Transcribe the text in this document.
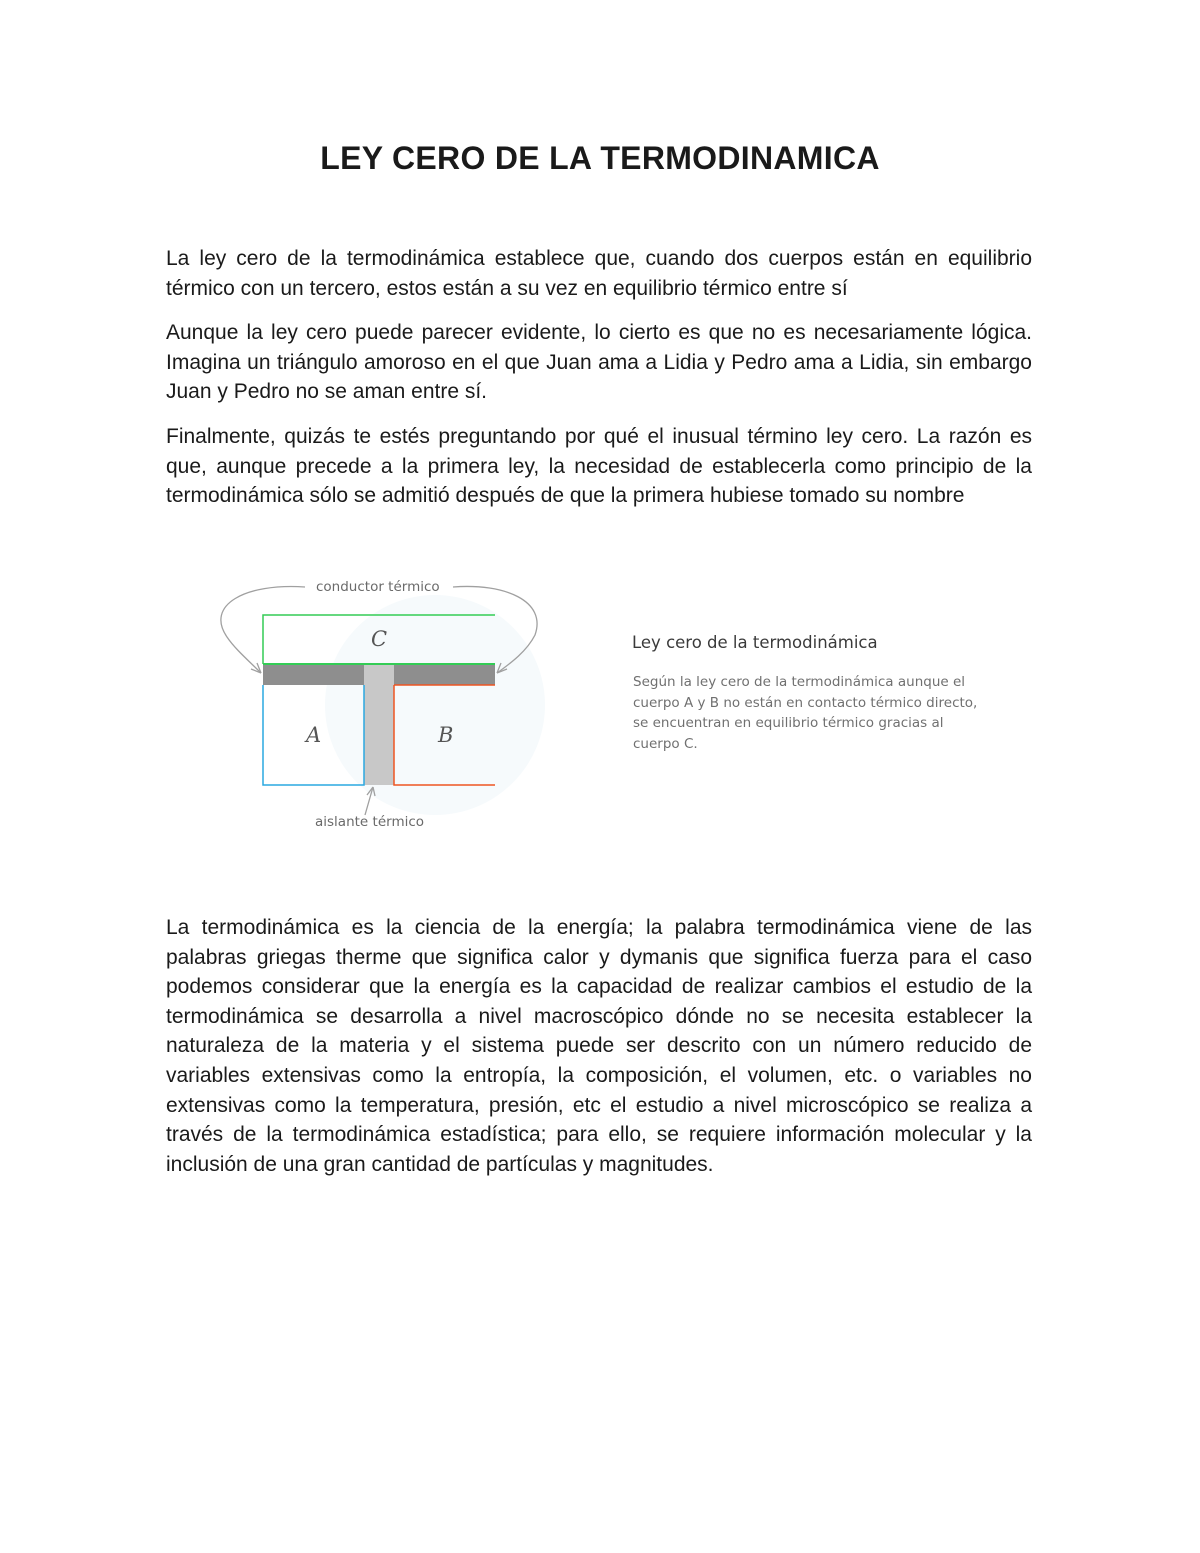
LEY CERO DE LA TERMODINAMICA

La ley cero de la termodinámica establece que, cuando dos cuerpos están en equilibrio térmico con un tercero, estos están a su vez en equilibrio térmico entre sí

Aunque la ley cero puede parecer evidente, lo cierto es que no es necesariamente lógica. Imagina un triángulo amoroso en el que Juan ama a Lidia y Pedro ama a Lidia, sin embargo Juan y Pedro no se aman entre sí.

Finalmente, quizás te estés preguntando por qué el inusual término ley cero. La razón es que, aunque precede a la primera ley, la necesidad de establecerla como principio de la termodinámica sólo se admitió después de que la primera hubiese tomado su nombre

conductor térmico
aislante térmico
C
A	B
Ley cero de la termodinámica
Según la ley cero de la termodinámica aunque el cuerpo A y B no están en contacto térmico directo, se encuentran en equilibrio térmico gracias al cuerpo C.

La termodinámica es la ciencia de la energía; la palabra termodinámica viene de las palabras griegas therme que significa calor y dymanis que significa fuerza para el caso podemos considerar que la energía es la capacidad de realizar cambios el estudio de la termodinámica se desarrolla a nivel macroscópico dónde no se necesita establecer la naturaleza de la materia y el sistema puede ser descrito con un número reducido de variables extensivas como la entropía, la composición, el volumen, etc. o variables no extensivas como la temperatura, presión, etc el estudio a nivel microscópico se realiza a través de la termodinámica estadística; para ello, se requiere información molecular y la inclusión de una gran cantidad de partículas y magnitudes.
